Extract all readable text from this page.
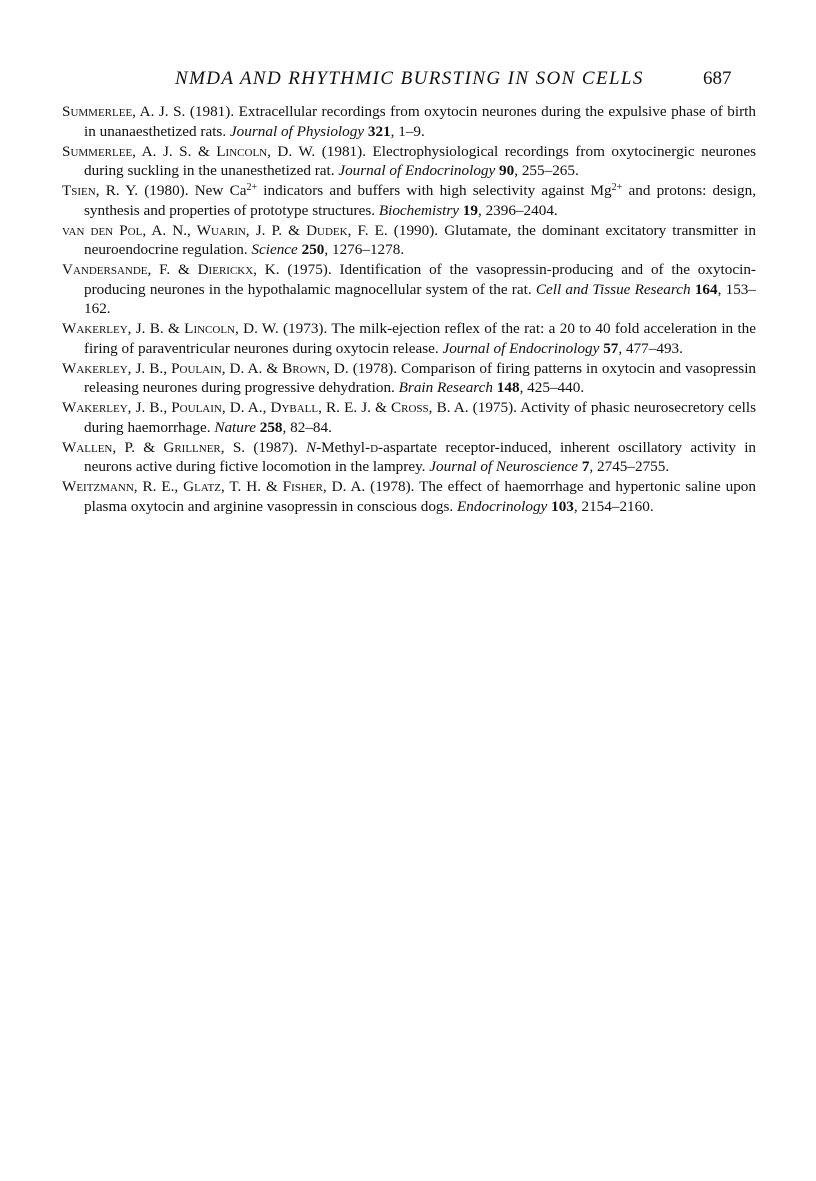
NMDA AND RHYTHMIC BURSTING IN SON CELLS	687

Summerlee, A. J. S. (1981). Extracellular recordings from oxytocin neurones during the expulsive phase of birth in unanaesthetized rats. Journal of Physiology 321, 1–9.

Summerlee, A. J. S. & Lincoln, D. W. (1981). Electrophysiological recordings from oxytocinergic neurones during suckling in the unanesthetized rat. Journal of Endocrinology 90, 255–265.

Tsien, R. Y. (1980). New $Ca^{2+}$ indicators and buffers with high selectivity against $Mg^{2+}$ and protons: design, synthesis and properties of prototype structures. Biochemistry 19, 2396–2404.

van den Pol, A. N., Wuarin, J. P. & Dudek, F. E. (1990). Glutamate, the dominant excitatory transmitter in neuroendocrine regulation. Science 250, 1276–1278.

Vandersande, F. & Dierickx, K. (1975). Identification of the vasopressin-producing and of the oxytocin-producing neurones in the hypothalamic magnocellular system of the rat. Cell and Tissue Research 164, 153–162.

Wakerley, J. B. & Lincoln, D. W. (1973). The milk-ejection reflex of the rat: a 20 to 40 fold acceleration in the firing of paraventricular neurones during oxytocin release. Journal of Endocrinology 57, 477–493.

Wakerley, J. B., Poulain, D. A. & Brown, D. (1978). Comparison of firing patterns in oxytocin and vasopressin releasing neurones during progressive dehydration. Brain Research 148, 425–440.

Wakerley, J. B., Poulain, D. A., Dyball, R. E. J. & Cross, B. A. (1975). Activity of phasic neurosecretory cells during haemorrhage. Nature 258, 82–84.

Wallen, P. & Grillner, S. (1987). N-Methyl-d-aspartate receptor-induced, inherent oscillatory activity in neurons active during fictive locomotion in the lamprey. Journal of Neuroscience 7, 2745–2755.

Weitzmann, R. E., Glatz, T. H. & Fisher, D. A. (1978). The effect of haemorrhage and hypertonic saline upon plasma oxytocin and arginine vasopressin in conscious dogs. Endocrinology 103, 2154–2160.
